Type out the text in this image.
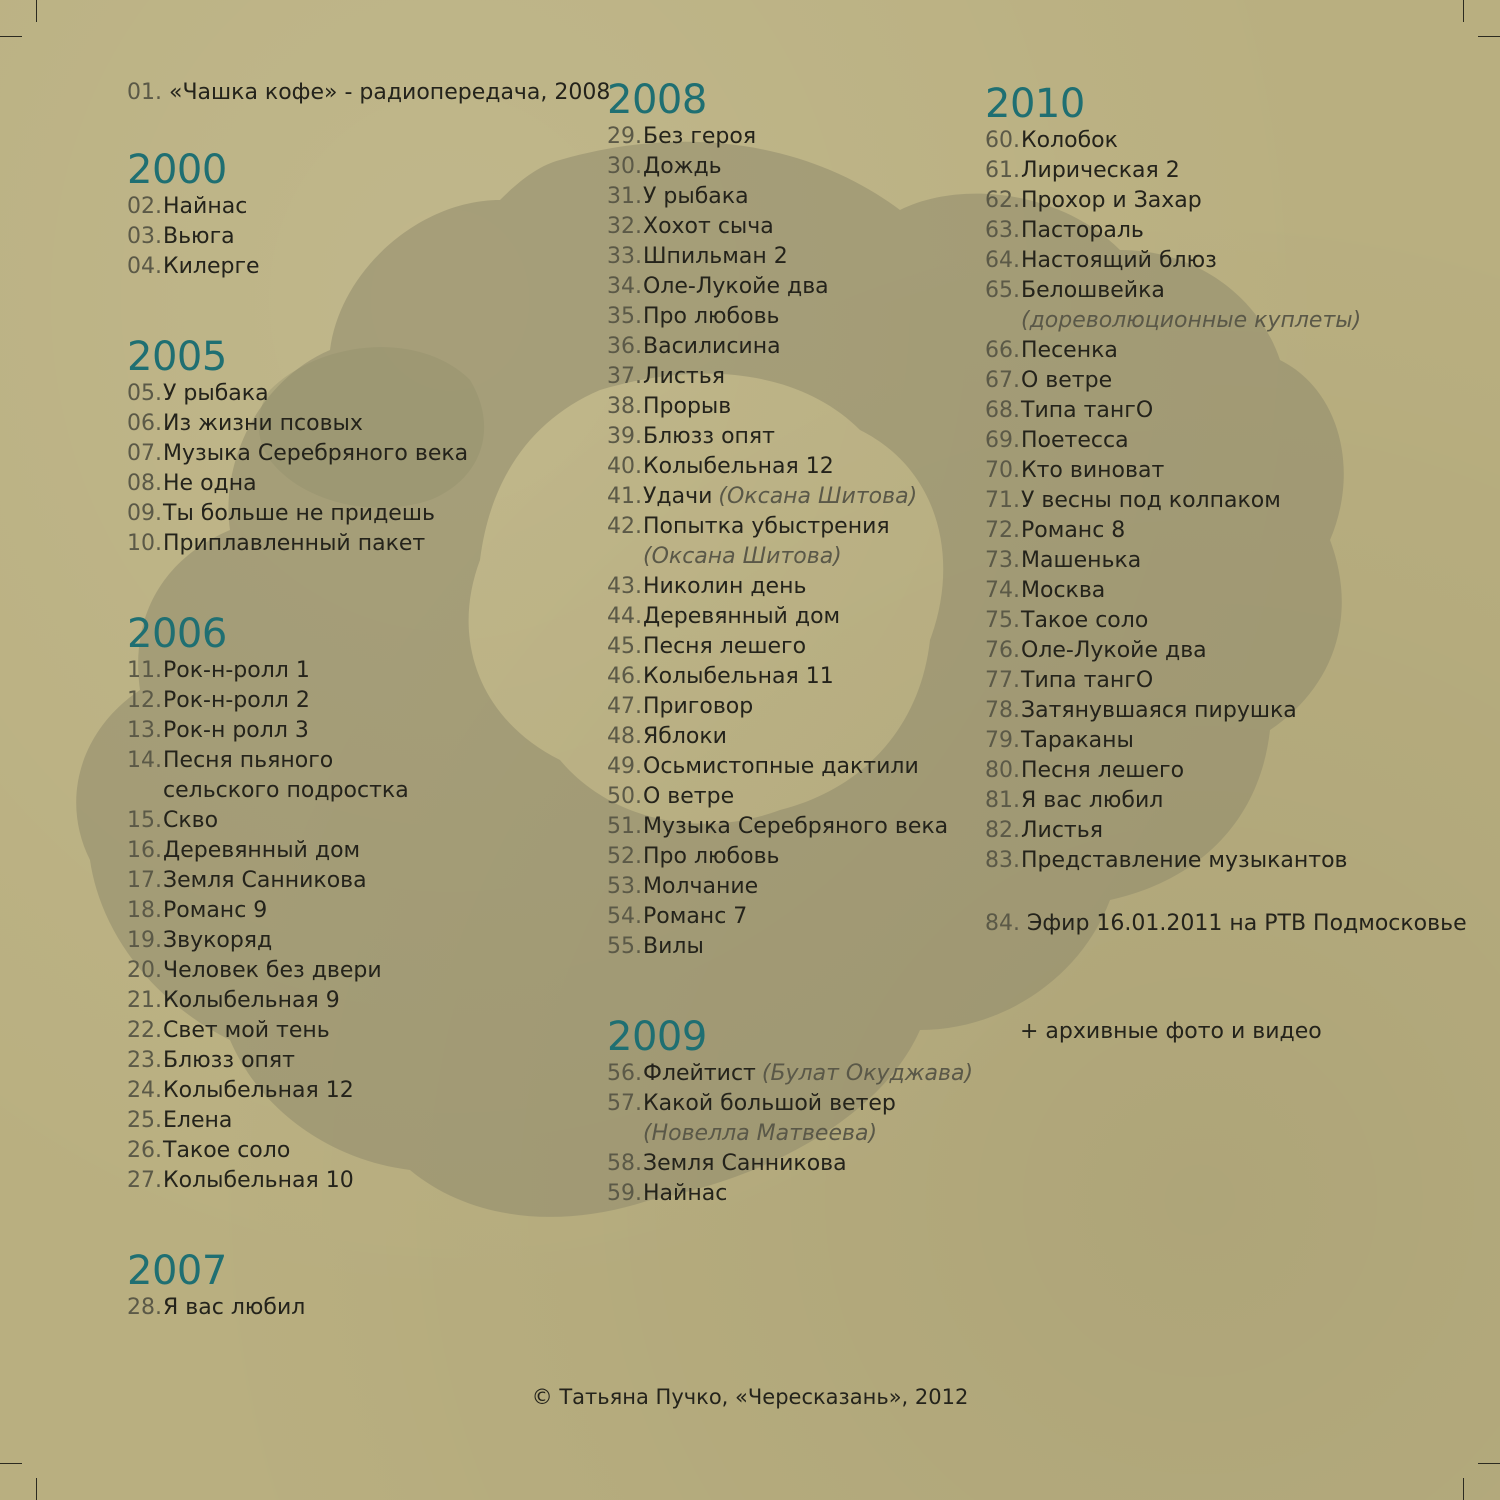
01. «Чашка кофе» - радиопередача, 2008
2000
02.Найнас
03.Вьюга
04.Килерге
2005
05.У рыбака
06.Из жизни псовых
07.Музыка Серебряного века
08.Не одна
09.Ты больше не придешь
10.Приплавленный пакет
2006
11.Рок-н-ролл 1
12.Рок-н-ролл 2
13.Рок-н ролл 3
14.Песня пьяного
сельского подростка
15.Скво
16.Деревянный дом
17.Земля Санникова
18.Романс 9
19.Звукоряд
20.Человек без двери
21.Колыбельная 9
22.Свет мой тень
23.Блюзз опят
24.Колыбельная 12
25.Елена
26.Такое соло
27.Колыбельная 10
2007
28.Я вас любил
2008
29.Без героя
30.Дождь
31.У рыбака
32.Хохот сыча
33.Шпильман 2
34.Оле-Лукойе два
35.Про любовь
36.Василисина
37.Листья
38.Прорыв
39.Блюзз опят
40.Колыбельная 12
41.Удачи (Оксана Шитова)
42.Попытка убыстрения
(Оксана Шитова)
43.Николин день
44.Деревянный дом
45.Песня лешего
46.Колыбельная 11
47.Приговор
48.Яблоки
49.Осьмистопные дактили
50.О ветре
51.Музыка Серебряного века
52.Про любовь
53.Молчание
54.Романс 7
55.Вилы
2009
56.Флейтист (Булат Окуджава)
57.Какой большой ветер
(Новелла Матвеева)
58.Земля Санникова
59.Найнас
2010
60.Колобок
61.Лирическая 2
62.Прохор и Захар
63.Пастораль
64.Настоящий блюз
65.Белошвейка
(дореволюционные куплеты)
66.Песенка
67.О ветре
68.Типа тангО
69.Поетесса
70.Кто виноват
71.У весны под колпаком
72.Романс 8
73.Машенька
74.Москва
75.Такое соло
76.Оле-Лукойе два
77.Типа тангО
78.Затянувшаяся пирушка
79.Тараканы
80.Песня лешего
81.Я вас любил
82.Листья
83.Представление музыкантов
84. Эфир 16.01.2011 на РТВ Подмосковье
+ архивные фото и видео
© Татьяна Пучко, «Чересказань», 2012
